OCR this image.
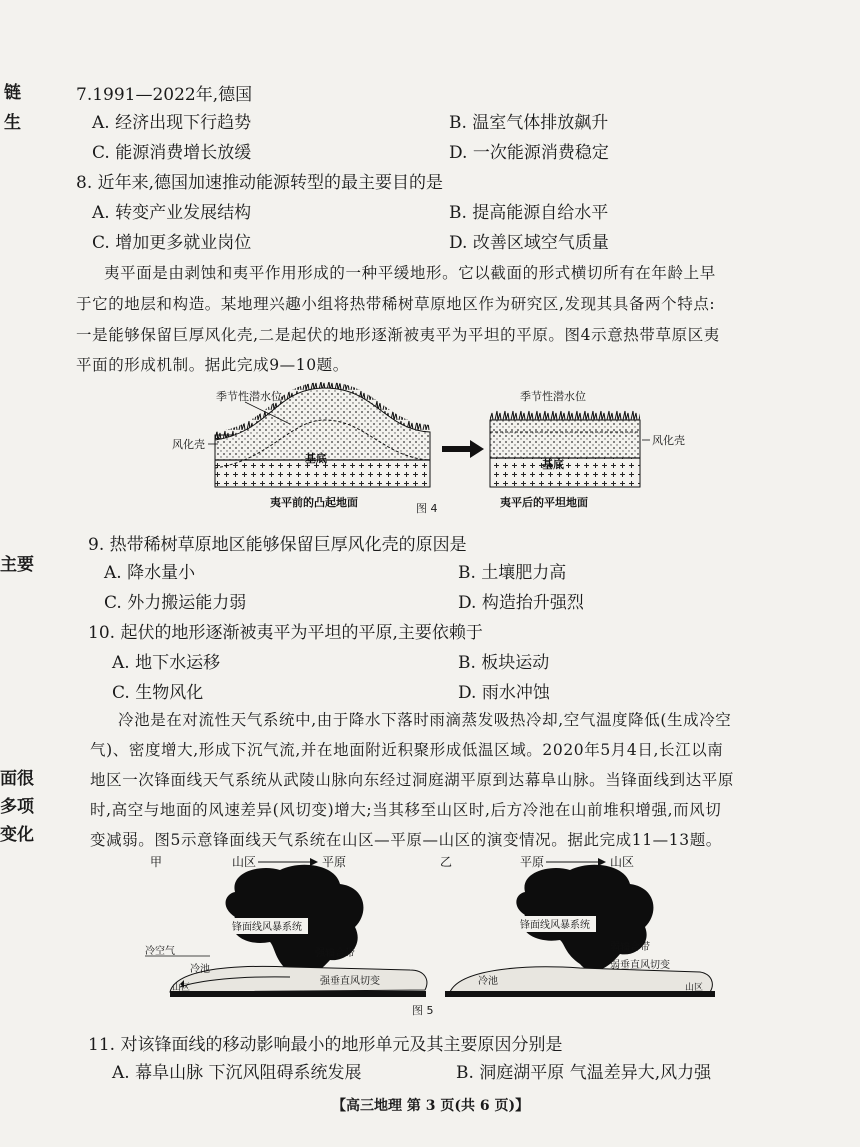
链
生
主要
面很
多项
变化
7.1991—2022年,德国
A. 经济出现下行趋势	B. 温室气体排放飙升
C. 能源消费增长放缓	D. 一次能源消费稳定
8. 近年来,德国加速推动能源转型的最主要目的是
A. 转变产业发展结构	B. 提高能源自给水平
C. 增加更多就业岗位	D. 改善区域空气质量
夷平面是由剥蚀和夷平作用形成的一种平缓地形。它以截面的形式横切所有在年龄上早
于它的地层和构造。某地理兴趣小组将热带稀树草原地区作为研究区,发现其具备两个特点:
一是能够保留巨厚风化壳,二是起伏的地形逐渐被夷平为平坦的平原。图4示意热带草原区夷
平面的形成机制。据此完成9—10题。
季节性潜水位
风化壳
基底
夷平前的凸起地面
季节性潜水位
风化壳
基底
夷平后的平坦地面
图 4
9. 热带稀树草原地区能够保留巨厚风化壳的原因是
A. 降水量小	B. 土壤肥力高
C. 外力搬运能力弱	D. 构造抬升强烈
10. 起伏的地形逐渐被夷平为平坦的平原,主要依赖于
A. 地下水运移	B. 板块运动
C. 生物风化	D. 雨水冲蚀
冷池是在对流性天气系统中,由于降水下落时雨滴蒸发吸热冷却,空气温度降低(生成冷空
气)、密度增大,形成下沉气流,并在地面附近积聚形成低温区域。2020年5月4日,长江以南
地区一次锋面线天气系统从武陵山脉向东经过洞庭湖平原到达幕阜山脉。当锋面线到达平原
时,高空与地面的风速差异(风切变)增大;当其移至山区时,后方冷池在山前堆积增强,而风切
变减弱。图5示意锋面线天气系统在山区—平原—山区的演变情况。据此完成11—13题。
甲	山区	平原
锋面线风暴系统
冷池
冷空气	强辐合带
强垂直风切变
山区
乙	平原	山区
锋面线风暴系统
冷池
弱辐合带
弱垂直风切变
山区
图 5
11. 对该锋面线的移动影响最小的地形单元及其主要原因分别是
A. 幕阜山脉 下沉风阻碍系统发展	B. 洞庭湖平原 气温差异大,风力强
【高三地理 第 3 页(共 6 页)】
